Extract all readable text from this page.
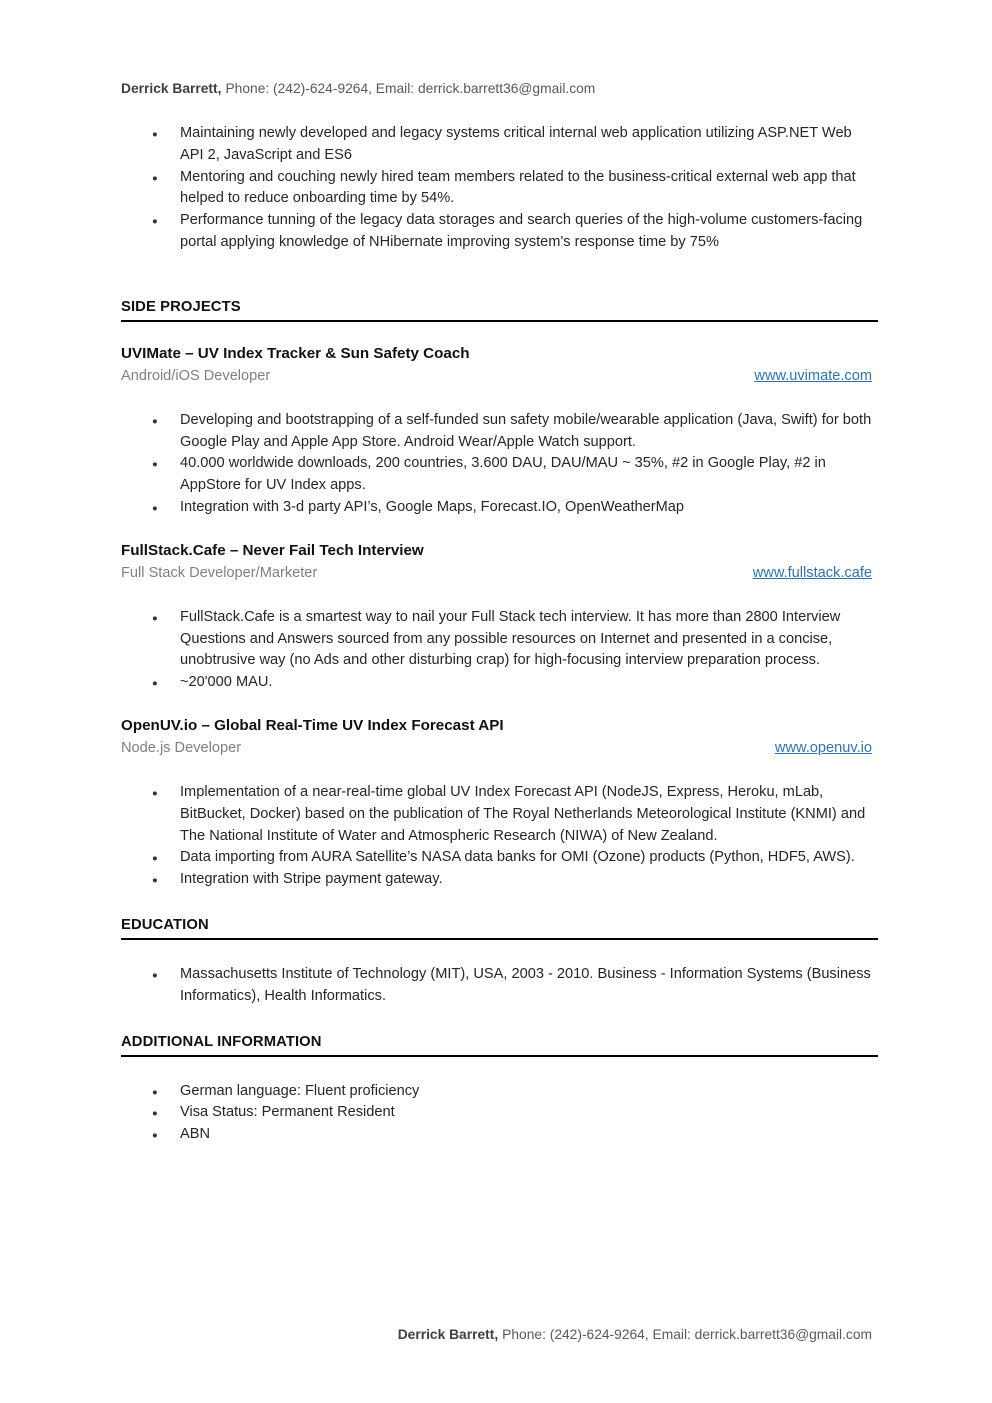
Derrick Barrett, Phone: (242)-624-9264, Email: derrick.barrett36@gmail.com
● Maintaining newly developed and legacy systems critical internal web application utilizing ASP.NET Web API 2, JavaScript and ES6
● Mentoring and couching newly hired team members related to the business-critical external web app that helped to reduce onboarding time by 54%.
● Performance tunning of the legacy data storages and search queries of the high-volume customers-facing portal applying knowledge of NHibernate improving system's response time by 75%
SIDE PROJECTS
UVIMate – UV Index Tracker & Sun Safety Coach
Android/iOS Developer	www.uvimate.com
● Developing and bootstrapping of a self-funded sun safety mobile/wearable application (Java, Swift) for both Google Play and Apple App Store. Android Wear/Apple Watch support.
● 40.000 worldwide downloads, 200 countries, 3.600 DAU, DAU/MAU ~ 35%, #2 in Google Play, #2 in AppStore for UV Index apps.
● Integration with 3-d party API’s, Google Maps, Forecast.IO, OpenWeatherMap
FullStack.Cafe – Never Fail Tech Interview
Full Stack Developer/Marketer	www.fullstack.cafe
● FullStack.Cafe is a smartest way to nail your Full Stack tech interview. It has more than 2800 Interview Questions and Answers sourced from any possible resources on Internet and presented in a concise, unobtrusive way (no Ads and other disturbing crap) for high-focusing interview preparation process.
● ~20'000 MAU.
OpenUV.io – Global Real-Time UV Index Forecast API
Node.js Developer	www.openuv.io
● Implementation of a near-real-time global UV Index Forecast API (NodeJS, Express, Heroku, mLab, BitBucket, Docker) based on the publication of The Royal Netherlands Meteorological Institute (KNMI) and The National Institute of Water and Atmospheric Research (NIWA) of New Zealand.
● Data importing from AURA Satellite’s NASA data banks for OMI (Ozone) products (Python, HDF5, AWS).
● Integration with Stripe payment gateway.
EDUCATION
● Massachusetts Institute of Technology (MIT), USA, 2003 - 2010. Business - Information Systems (Business Informatics), Health Informatics.
ADDITIONAL INFORMATION
● German language: Fluent proficiency
● Visa Status: Permanent Resident
● ABN
Derrick Barrett, Phone: (242)-624-9264, Email: derrick.barrett36@gmail.com
